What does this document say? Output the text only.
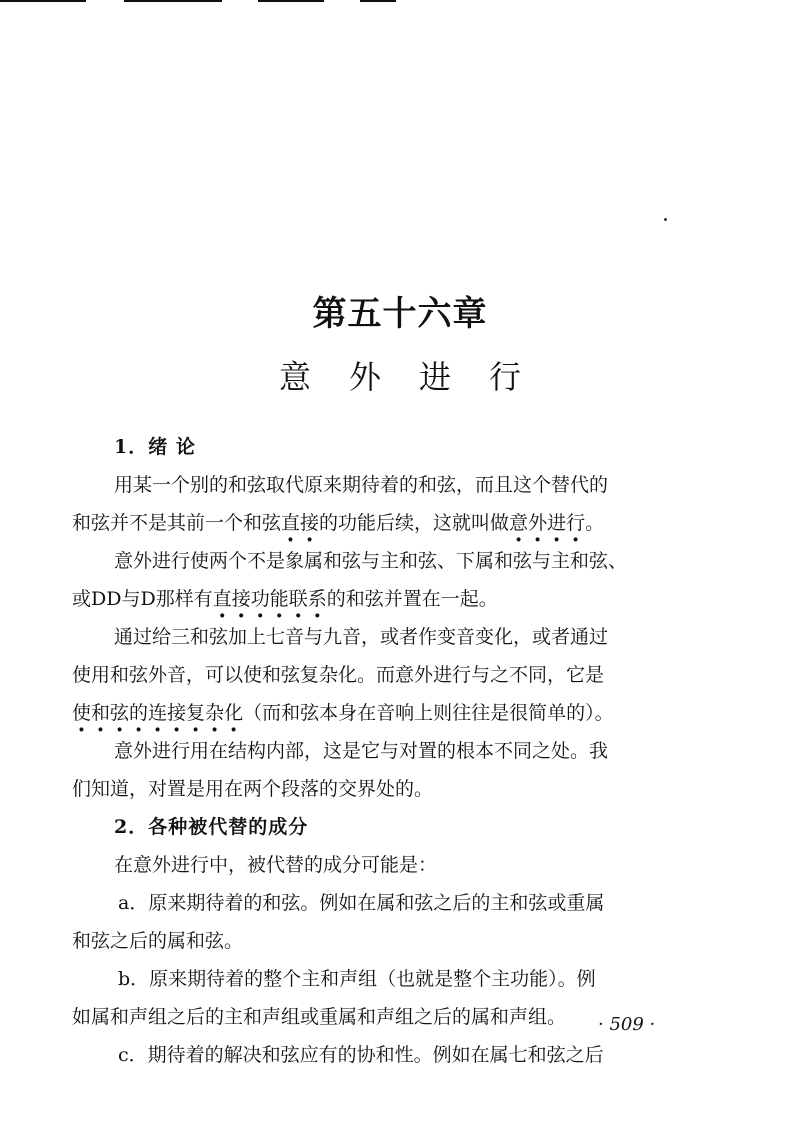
第五十六章
意外进行
1．绪 论
用某一个别的和弦取代原来期待着的和弦，而且这个替代的
和弦并不是其前一个和弦直接的功能后续，这就叫做意外进行。
意外进行使两个不是象属和弦与主和弦、下属和弦与主和弦、
或DD与D那样有直接功能联系的和弦并置在一起。
通过给三和弦加上七音与九音，或者作变音变化，或者通过
使用和弦外音，可以使和弦复杂化。而意外进行与之不同，它是
使和弦的连接复杂化（而和弦本身在音响上则往往是很简单的）。
意外进行用在结构内部，这是它与对置的根本不同之处。我
们知道，对置是用在两个段落的交界处的。
2．各种被代替的成分
在意外进行中，被代替的成分可能是：
a．原来期待着的和弦。例如在属和弦之后的主和弦或重属
和弦之后的属和弦。
b．原来期待着的整个主和声组（也就是整个主功能）。例
如属和声组之后的主和声组或重属和声组之后的属和声组。
c．期待着的解决和弦应有的协和性。例如在属七和弦之后
· 509 ·
